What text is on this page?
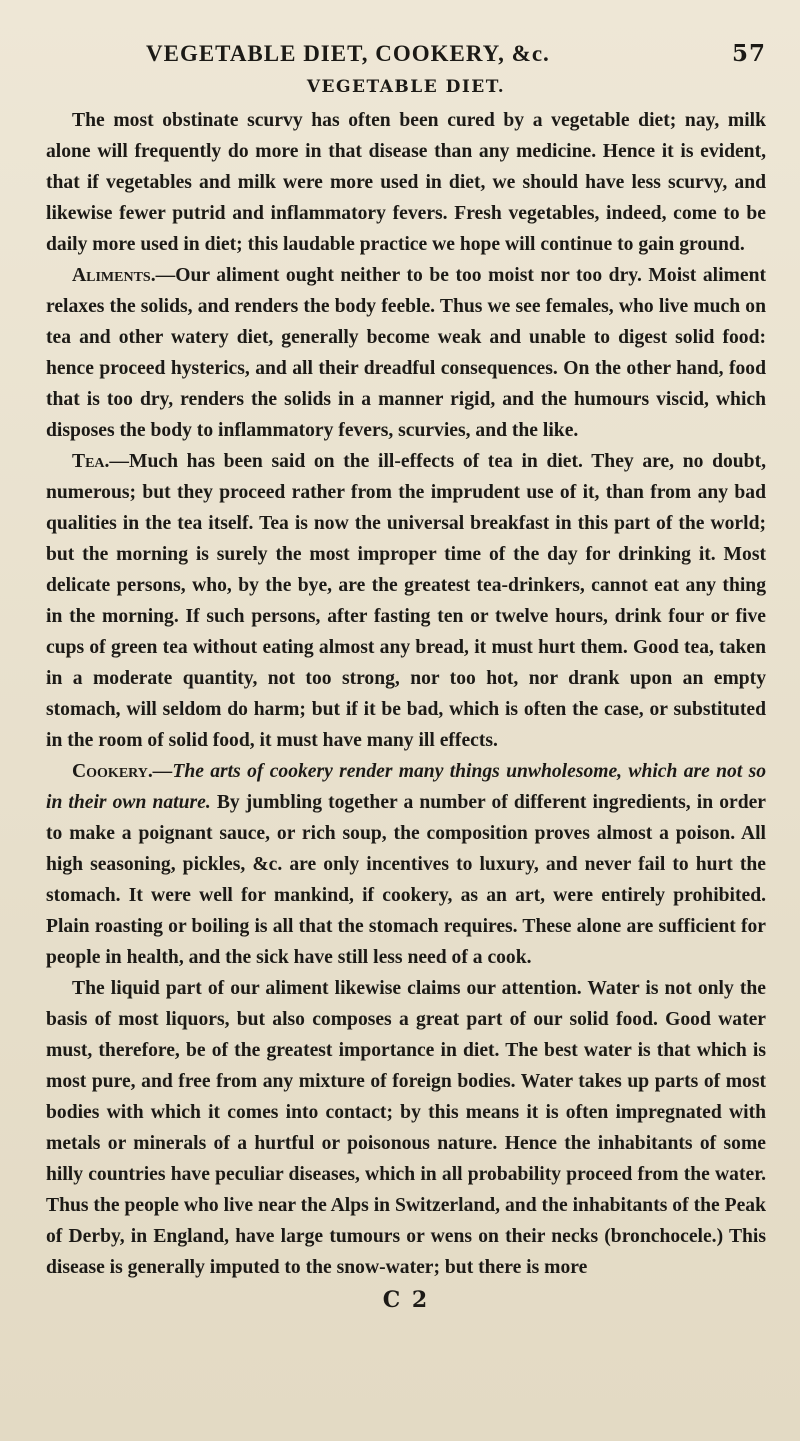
VEGETABLE DIET, COOKERY, &c.	57
VEGETABLE DIET.

The most obstinate scurvy has often been cured by a vegetable diet; nay, milk alone will frequently do more in that disease than any medicine. Hence it is evident, that if vegetables and milk were more used in diet, we should have less scurvy, and likewise fewer putrid and inflammatory fevers. Fresh vegetables, indeed, come to be daily more used in diet; this laudable practice we hope will continue to gain ground.

Aliments.—Our aliment ought neither to be too moist nor too dry. Moist aliment relaxes the solids, and renders the body feeble. Thus we see females, who live much on tea and other watery diet, generally become weak and unable to digest solid food: hence proceed hysterics, and all their dreadful consequences. On the other hand, food that is too dry, renders the solids in a manner rigid, and the humours viscid, which disposes the body to inflammatory fevers, scurvies, and the like.

Tea.—Much has been said on the ill-effects of tea in diet. They are, no doubt, numerous; but they proceed rather from the imprudent use of it, than from any bad qualities in the tea itself. Tea is now the universal breakfast in this part of the world; but the morning is surely the most improper time of the day for drinking it. Most delicate persons, who, by the bye, are the greatest tea-drinkers, cannot eat any thing in the morning. If such persons, after fasting ten or twelve hours, drink four or five cups of green tea without eating almost any bread, it must hurt them. Good tea, taken in a moderate quantity, not too strong, nor too hot, nor drank upon an empty stomach, will seldom do harm; but if it be bad, which is often the case, or substituted in the room of solid food, it must have many ill effects.

Cookery.—The arts of cookery render many things unwholesome, which are not so in their own nature. By jumbling together a number of different ingredients, in order to make a poignant sauce, or rich soup, the composition proves almost a poison. All high seasoning, pickles, &c. are only incentives to luxury, and never fail to hurt the stomach. It were well for mankind, if cookery, as an art, were entirely prohibited. Plain roasting or boiling is all that the stomach requires. These alone are sufficient for people in health, and the sick have still less need of a cook.

The liquid part of our aliment likewise claims our attention. Water is not only the basis of most liquors, but also composes a great part of our solid food. Good water must, therefore, be of the greatest importance in diet. The best water is that which is most pure, and free from any mixture of foreign bodies. Water takes up parts of most bodies with which it comes into contact; by this means it is often impregnated with metals or minerals of a hurtful or poisonous nature. Hence the inhabitants of some hilly countries have peculiar diseases, which in all probability proceed from the water. Thus the people who live near the Alps in Switzerland, and the inhabitants of the Peak of Derby, in England, have large tumours or wens on their necks (bronchocele.) This disease is generally imputed to the snow-water; but there is more

C 2
